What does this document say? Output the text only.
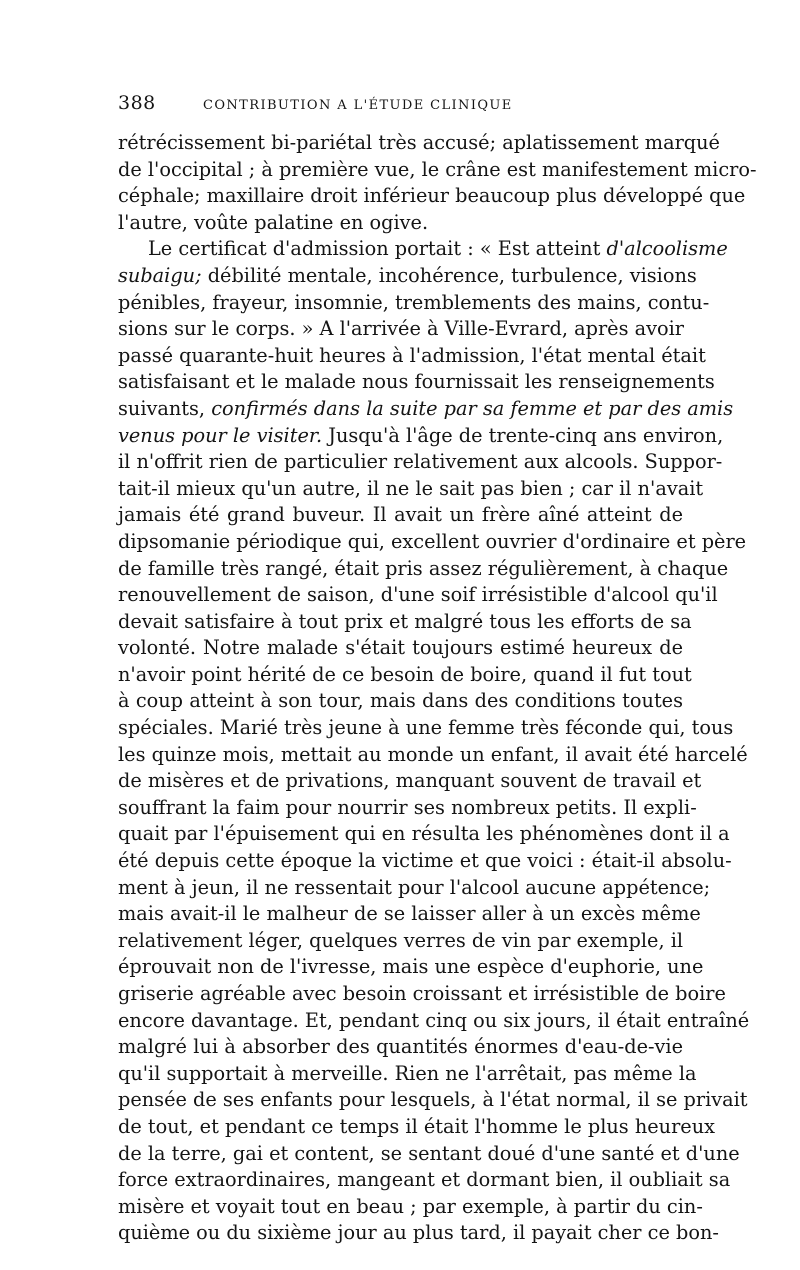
388	CONTRIBUTION A L'ÉTUDE CLINIQUE
rétrécissement bi-pariétal très accusé; aplatissement marqué
de l'occipital ; à première vue, le crâne est manifestement micro-
céphale; maxillaire droit inférieur beaucoup plus développé que
l'autre, voûte palatine en ogive.
Le certificat d'admission portait : « Est atteint d'alcoolisme
subaigu; débilité mentale, incohérence, turbulence, visions
pénibles, frayeur, insomnie, tremblements des mains, contu-
sions sur le corps. » A l'arrivée à Ville-Evrard, après avoir
passé quarante-huit heures à l'admission, l'état mental était
satisfaisant et le malade nous fournissait les renseignements
suivants, confirmés dans la suite par sa femme et par des amis
venus pour le visiter. Jusqu'à l'âge de trente-cinq ans environ,
il n'offrit rien de particulier relativement aux alcools. Suppor-
tait-il mieux qu'un autre, il ne le sait pas bien ; car il n'avait
jamais été grand buveur. Il avait un frère aîné atteint de
dipsomanie périodique qui, excellent ouvrier d'ordinaire et père
de famille très rangé, était pris assez régulièrement, à chaque
renouvellement de saison, d'une soif irrésistible d'alcool qu'il
devait satisfaire à tout prix et malgré tous les efforts de sa
volonté. Notre malade s'était toujours estimé heureux de
n'avoir point hérité de ce besoin de boire, quand il fut tout
à coup atteint à son tour, mais dans des conditions toutes
spéciales. Marié très jeune à une femme très féconde qui, tous
les quinze mois, mettait au monde un enfant, il avait été harcelé
de misères et de privations, manquant souvent de travail et
souffrant la faim pour nourrir ses nombreux petits. Il expli-
quait par l'épuisement qui en résulta les phénomènes dont il a
été depuis cette époque la victime et que voici : était-il absolu-
ment à jeun, il ne ressentait pour l'alcool aucune appétence;
mais avait-il le malheur de se laisser aller à un excès même
relativement léger, quelques verres de vin par exemple, il
éprouvait non de l'ivresse, mais une espèce d'euphorie, une
griserie agréable avec besoin croissant et irrésistible de boire
encore davantage. Et, pendant cinq ou six jours, il était entraîné
malgré lui à absorber des quantités énormes d'eau-de-vie
qu'il supportait à merveille. Rien ne l'arrêtait, pas même la
pensée de ses enfants pour lesquels, à l'état normal, il se privait
de tout, et pendant ce temps il était l'homme le plus heureux
de la terre, gai et content, se sentant doué d'une santé et d'une
force extraordinaires, mangeant et dormant bien, il oubliait sa
misère et voyait tout en beau ; par exemple, à partir du cin-
quième ou du sixième jour au plus tard, il payait cher ce bon-
